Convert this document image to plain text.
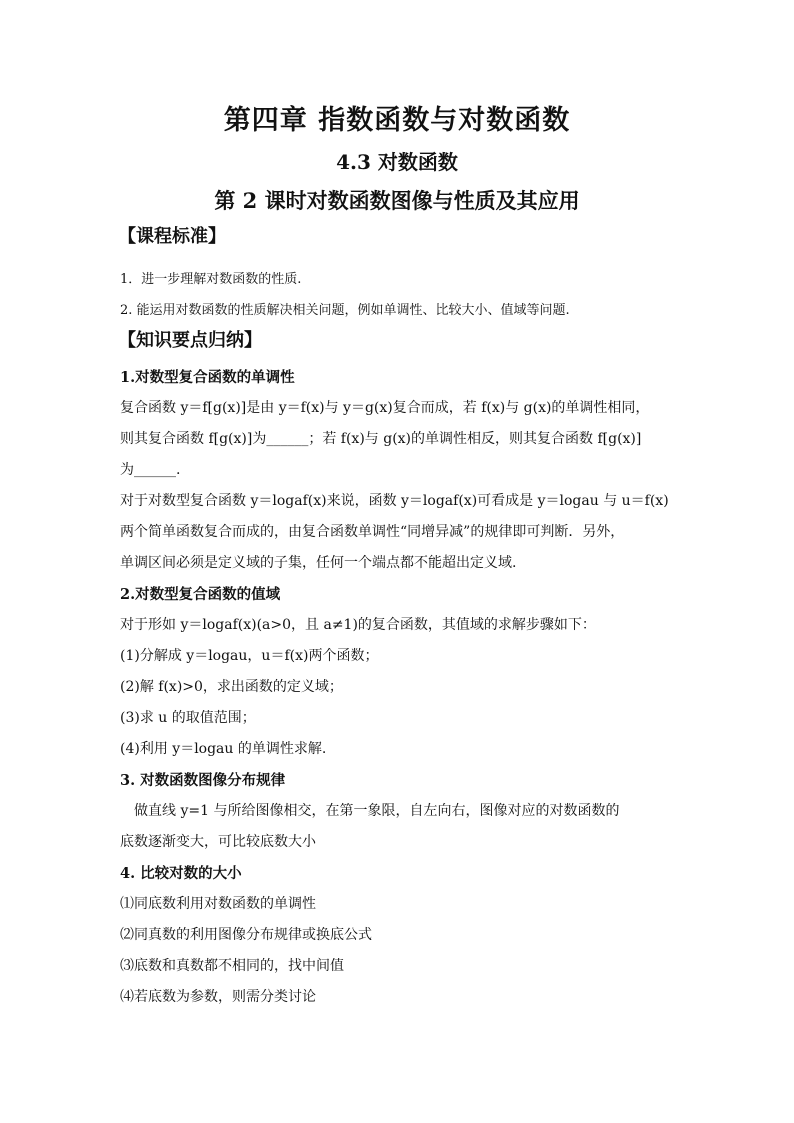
第四章 指数函数与对数函数
4.3 对数函数
第 2 课时对数函数图像与性质及其应用
【课程标准】
1．进一步理解对数函数的性质.
2. 能运用对数函数的性质解决相关问题，例如单调性、比较大小、值域等问题.
【知识要点归纳】
1.对数型复合函数的单调性
复合函数 y＝f[g(x)]是由 y＝f(x)与 y＝g(x)复合而成，若 f(x)与 g(x)的单调性相同，
则其复合函数 f[g(x)]为______；若 f(x)与 g(x)的单调性相反，则其复合函数 f[g(x)]
为______.
对于对数型复合函数 y＝logaf(x)来说，函数 y＝logaf(x)可看成是 y＝logau 与 u＝f(x)
两个简单函数复合而成的，由复合函数单调性“同增异减”的规律即可判断．另外，
单调区间必须是定义域的子集，任何一个端点都不能超出定义域.
2.对数型复合函数的值域
对于形如 y＝logaf(x)(a>0，且 a≠1)的复合函数，其值域的求解步骤如下：
(1)分解成 y＝logau，u＝f(x)两个函数；
(2)解 f(x)>0，求出函数的定义域；
(3)求 u 的取值范围；
(4)利用 y＝logau 的单调性求解.
3. 对数函数图像分布规律
做直线 y=1 与所给图像相交，在第一象限，自左向右，图像对应的对数函数的
底数逐渐变大，可比较底数大小
4. 比较对数的大小
⑴同底数利用对数函数的单调性
⑵同真数的利用图像分布规律或换底公式
⑶底数和真数都不相同的，找中间值
⑷若底数为参数，则需分类讨论
